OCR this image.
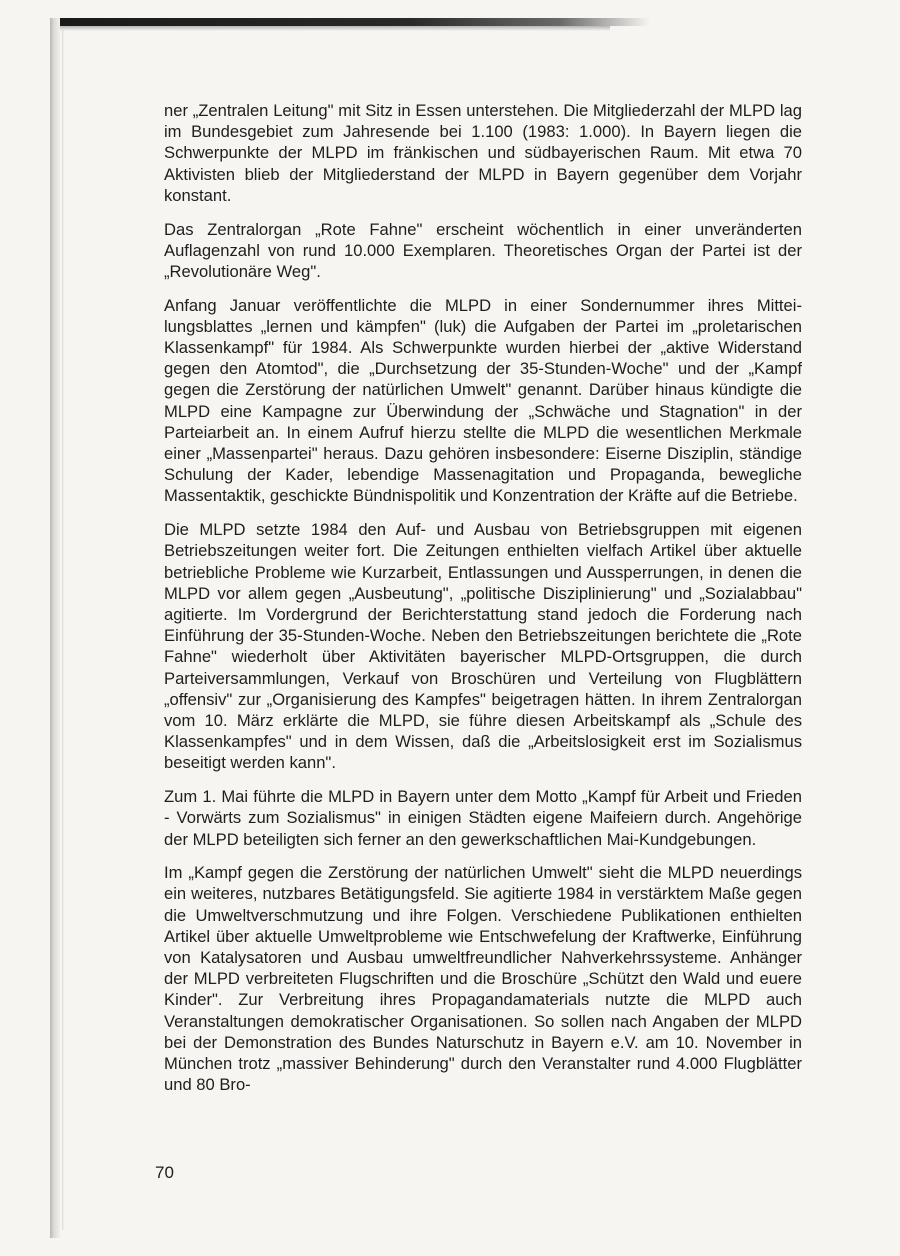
ner „Zentralen Leitung" mit Sitz in Essen unterstehen. Die Mitgliederzahl der MLPD lag im Bundesgebiet zum Jahresende bei 1.100 (1983: 1.000). In Bayern liegen die Schwerpunkte der MLPD im fränkischen und südbayerischen Raum. Mit etwa 70 Aktivisten blieb der Mitgliederstand der MLPD in Bayern gegenüber dem Vorjahr konstant.

Das Zentralorgan „Rote Fahne" erscheint wöchentlich in einer unveränderten Auflagenzahl von rund 10.000 Exemplaren. Theoretisches Organ der Partei ist der „Revolutionäre Weg".

Anfang Januar veröffentlichte die MLPD in einer Sondernummer ihres Mitteilungsblattes „lernen und kämpfen" (luk) die Aufgaben der Partei im „proletarischen Klassenkampf" für 1984. Als Schwerpunkte wurden hierbei der „aktive Widerstand gegen den Atomtod", die „Durchsetzung der 35-Stunden-Woche" und der „Kampf gegen die Zerstörung der natürlichen Umwelt" genannt. Darüber hinaus kündigte die MLPD eine Kampagne zur Überwindung der „Schwäche und Stagnation" in der Parteiarbeit an. In einem Aufruf hierzu stellte die MLPD die wesentlichen Merkmale einer „Massenpartei" heraus. Dazu gehören insbesondere: Eiserne Disziplin, ständige Schulung der Kader, lebendige Massenagitation und Propaganda, bewegliche Massentaktik, geschickte Bündnispolitik und Konzentration der Kräfte auf die Betriebe.

Die MLPD setzte 1984 den Auf- und Ausbau von Betriebsgruppen mit eigenen Betriebszeitungen weiter fort. Die Zeitungen enthielten vielfach Artikel über aktuelle betriebliche Probleme wie Kurzarbeit, Entlassungen und Aussperrungen, in denen die MLPD vor allem gegen „Ausbeutung", „politische Disziplinierung" und „Sozialabbau" agitierte. Im Vordergrund der Berichterstattung stand jedoch die Forderung nach Einführung der 35-Stunden-Woche. Neben den Betriebszeitungen berichtete die „Rote Fahne" wiederholt über Aktivitäten bayerischer MLPD-Ortsgruppen, die durch Parteiversammlungen, Verkauf von Broschüren und Verteilung von Flugblättern „offensiv" zur „Organisierung des Kampfes" beigetragen hätten. In ihrem Zentralorgan vom 10. März erklärte die MLPD, sie führe diesen Arbeitskampf als „Schule des Klassenkampfes" und in dem Wissen, daß die „Arbeitslosigkeit erst im Sozialismus beseitigt werden kann".

Zum 1. Mai führte die MLPD in Bayern unter dem Motto „Kampf für Arbeit und Frieden - Vorwärts zum Sozialismus" in einigen Städten eigene Maifeiern durch. Angehörige der MLPD beteiligten sich ferner an den gewerkschaftlichen Mai-Kundgebungen.

Im „Kampf gegen die Zerstörung der natürlichen Umwelt" sieht die MLPD neuerdings ein weiteres, nutzbares Betätigungsfeld. Sie agitierte 1984 in verstärktem Maße gegen die Umweltverschmutzung und ihre Folgen. Verschiedene Publikationen enthielten Artikel über aktuelle Umweltprobleme wie Entschwefelung der Kraftwerke, Einführung von Katalysatoren und Ausbau umweltfreundlicher Nahverkehrssysteme. Anhänger der MLPD verbreiteten Flugschriften und die Broschüre „Schützt den Wald und euere Kinder". Zur Verbreitung ihres Propagandamaterials nutzte die MLPD auch Veranstaltungen demokratischer Organisationen. So sollen nach Angaben der MLPD bei der Demonstration des Bundes Naturschutz in Bayern e.V. am 10. November in München trotz „massiver Behinderung" durch den Veranstalter rund 4.000 Flugblätter und 80 Bro-

70
